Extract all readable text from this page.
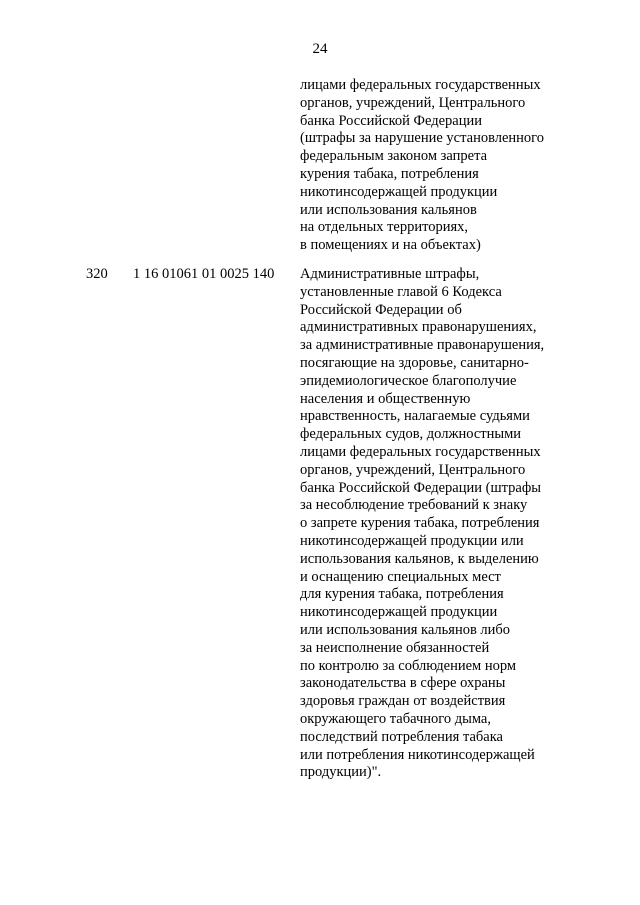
24
лицами федеральных государственных
органов, учреждений, Центрального
банка Российской Федерации
(штрафы за нарушение установленного
федеральным законом запрета
курения табака, потребления
никотинсодержащей продукции
или использования кальянов
на отдельных территориях,
в помещениях и на объектах)
320 1 16 01061 01 0025 140 Административные штрафы,
установленные главой 6 Кодекса
Российской Федерации об
административных правонарушениях,
за административные правонарушения,
посягающие на здоровье, санитарно-
эпидемиологическое благополучие
населения и общественную
нравственность, налагаемые судьями
федеральных судов, должностными
лицами федеральных государственных
органов, учреждений, Центрального
банка Российской Федерации (штрафы
за несоблюдение требований к знаку
о запрете курения табака, потребления
никотинсодержащей продукции или
использования кальянов, к выделению
и оснащению специальных мест
для курения табака, потребления
никотинсодержащей продукции
или использования кальянов либо
за неисполнение обязанностей
по контролю за соблюдением норм
законодательства в сфере охраны
здоровья граждан от воздействия
окружающего табачного дыма,
последствий потребления табака
или потребления никотинсодержащей
продукции)".
